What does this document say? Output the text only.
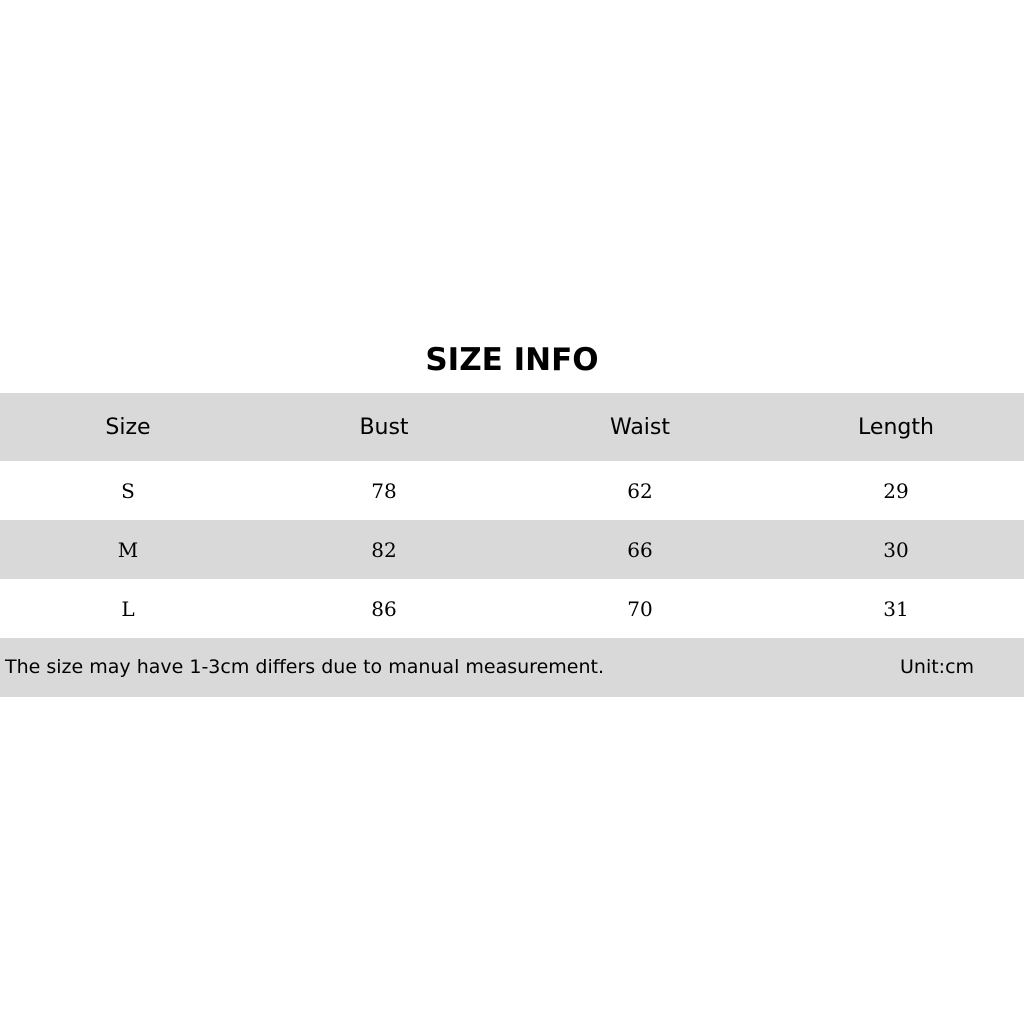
SIZE INFO
Size	Bust	Waist	Length
S	78	62	29
M	82	66	30
L	86	70	31
The size may have 1-3cm differs due to manual measurement.	Unit:cm
